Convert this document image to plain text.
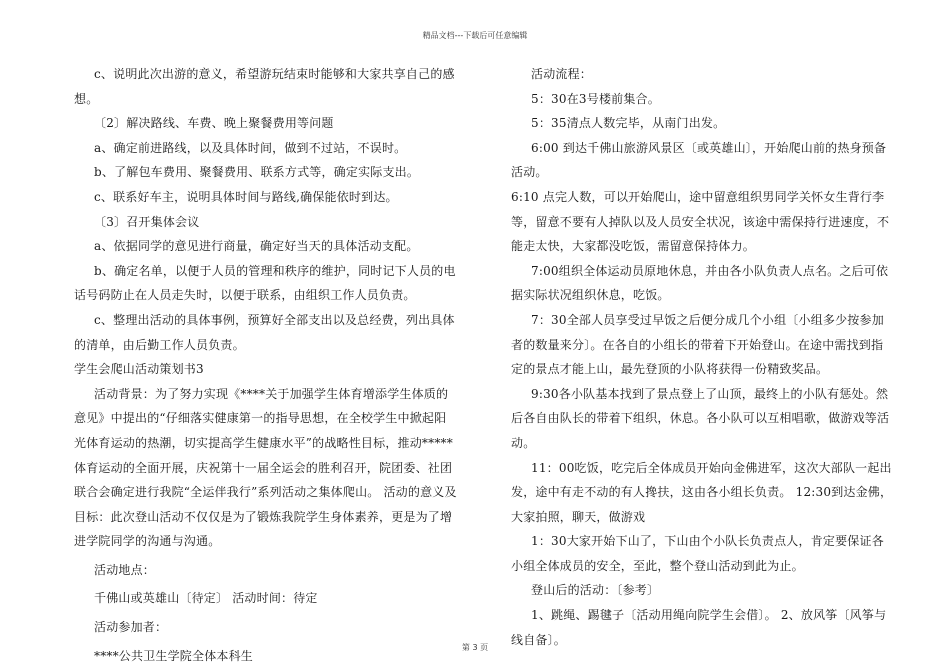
精品文档---下载后可任意编辑

c、说明此次出游的意义，希望游玩结束时能够和大家共享自己的感想。

〔2〕解决路线、车费、晚上聚餐费用等问题

a、确定前进路线，以及具体时间，做到不过站，不误时。

b、了解包车费用、聚餐费用、联系方式等，确定实际支出。

c、联系好车主，说明具体时间与路线,确保能依时到达。

〔3〕召开集体会议

a、依据同学的意见进行商量，确定好当天的具体活动支配。

b、确定名单，以便于人员的管理和秩序的维护，同时记下人员的电话号码防止在人员走失时，以便于联系，由组织工作人员负责。

c、整理出活动的具体事例，预算好全部支出以及总经费，列出具体的清单，由后勤工作人员负责。

学生会爬山活动策划书3

活动背景：为了努力实现《****关于加强学生体育增添学生体质的意见》中提出的“仔细落实健康第一的指导思想，在全校学生中掀起阳光体育运动的热潮，切实提高学生健康水平”的战略性目标，推动*****体育运动的全面开展，庆祝第十一届全运会的胜利召开，院团委、社团联合会确定进行我院“全运伴我行”系列活动之集体爬山。 活动的意义及目标：此次登山活动不仅仅是为了锻炼我院学生身体素养，更是为了增进学院同学的沟通与沟通。

活动地点：

千佛山或英雄山〔待定〕 活动时间：待定

活动参加者：

****公共卫生学院全体本科生

活动流程：

5：30在3号楼前集合。

5：35清点人数完毕，从南门出发。

6:00 到达千佛山旅游风景区〔或英雄山〕，开始爬山前的热身预备活动。

6:10 点完人数，可以开始爬山，途中留意组织男同学关怀女生背行李等，留意不要有人掉队以及人员安全状况，该途中需保持行进速度，不能走太快，大家都没吃饭，需留意保持体力。

7:00组织全体运动员原地休息，并由各小队负责人点名。之后可依据实际状况组织休息，吃饭。

7：30全部人员享受过早饭之后便分成几个小组〔小组多少按参加者的数量来分〕。在各自的小组长的带着下开始登山。在途中需找到指定的景点才能上山，最先登顶的小队将获得一份精致奖品。

9:30各小队基本找到了景点登上了山顶，最终上的小队有惩处。然后各自由队长的带着下组织，休息。各小队可以互相唱歌，做游戏等活动。

11：00吃饭，吃完后全体成员开始向金佛进军，这次大部队一起出发，途中有走不动的有人搀扶，这由各小组长负责。 12:30到达金佛，大家拍照，聊天，做游戏

1：30大家开始下山了，下山由个小队长负责点人，肯定要保证各小组全体成员的安全，至此，整个登山活动到此为止。

登山后的活动：〔参考〕

1、跳绳、踢毽子〔活动用绳向院学生会借〕。 2、放风筝〔风筝与线自备〕。

第 3 页
